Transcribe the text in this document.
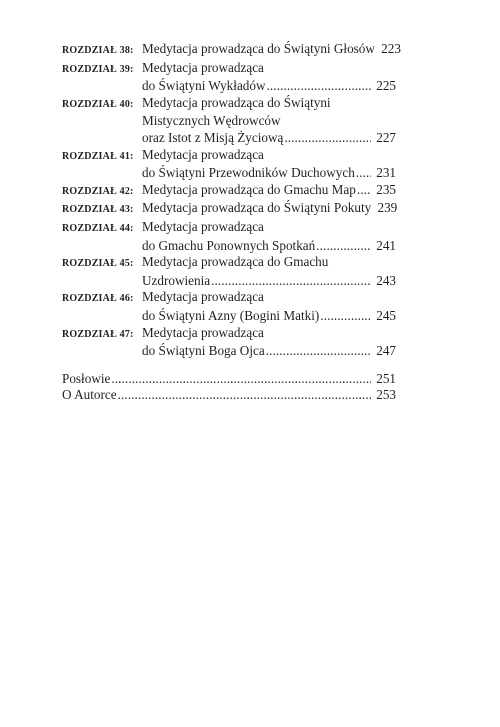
ROZDZIAŁ 38: Medytacja prowadząca do Świątyni Głosów 223
ROZDZIAŁ 39: Medytacja prowadząca
do Świątyni Wykładów . . .	225
ROZDZIAŁ 40: Medytacja prowadząca do Świątyni
Mistycznych Wędrowców
oraz Istot z Misją Życiową . . .	227
ROZDZIAŁ 41: Medytacja prowadząca
do Świątyni Przewodników Duchowych . . .	231
ROZDZIAŁ 42: Medytacja prowadząca do Gmachu Map . . .	235
ROZDZIAŁ 43: Medytacja prowadząca do Świątyni Pokuty 239
ROZDZIAŁ 44: Medytacja prowadząca
do Gmachu Ponownych Spotkań . . .	241
ROZDZIAŁ 45: Medytacja prowadząca do Gmachu
Uzdrowienia . . .	243
ROZDZIAŁ 46: Medytacja prowadząca
do Świątyni Azny (Bogini Matki) . . .	245
ROZDZIAŁ 47: Medytacja prowadząca
do Świątyni Boga Ojca . . .	247
Posłowie . . .	251
O Autorce . . .	253
